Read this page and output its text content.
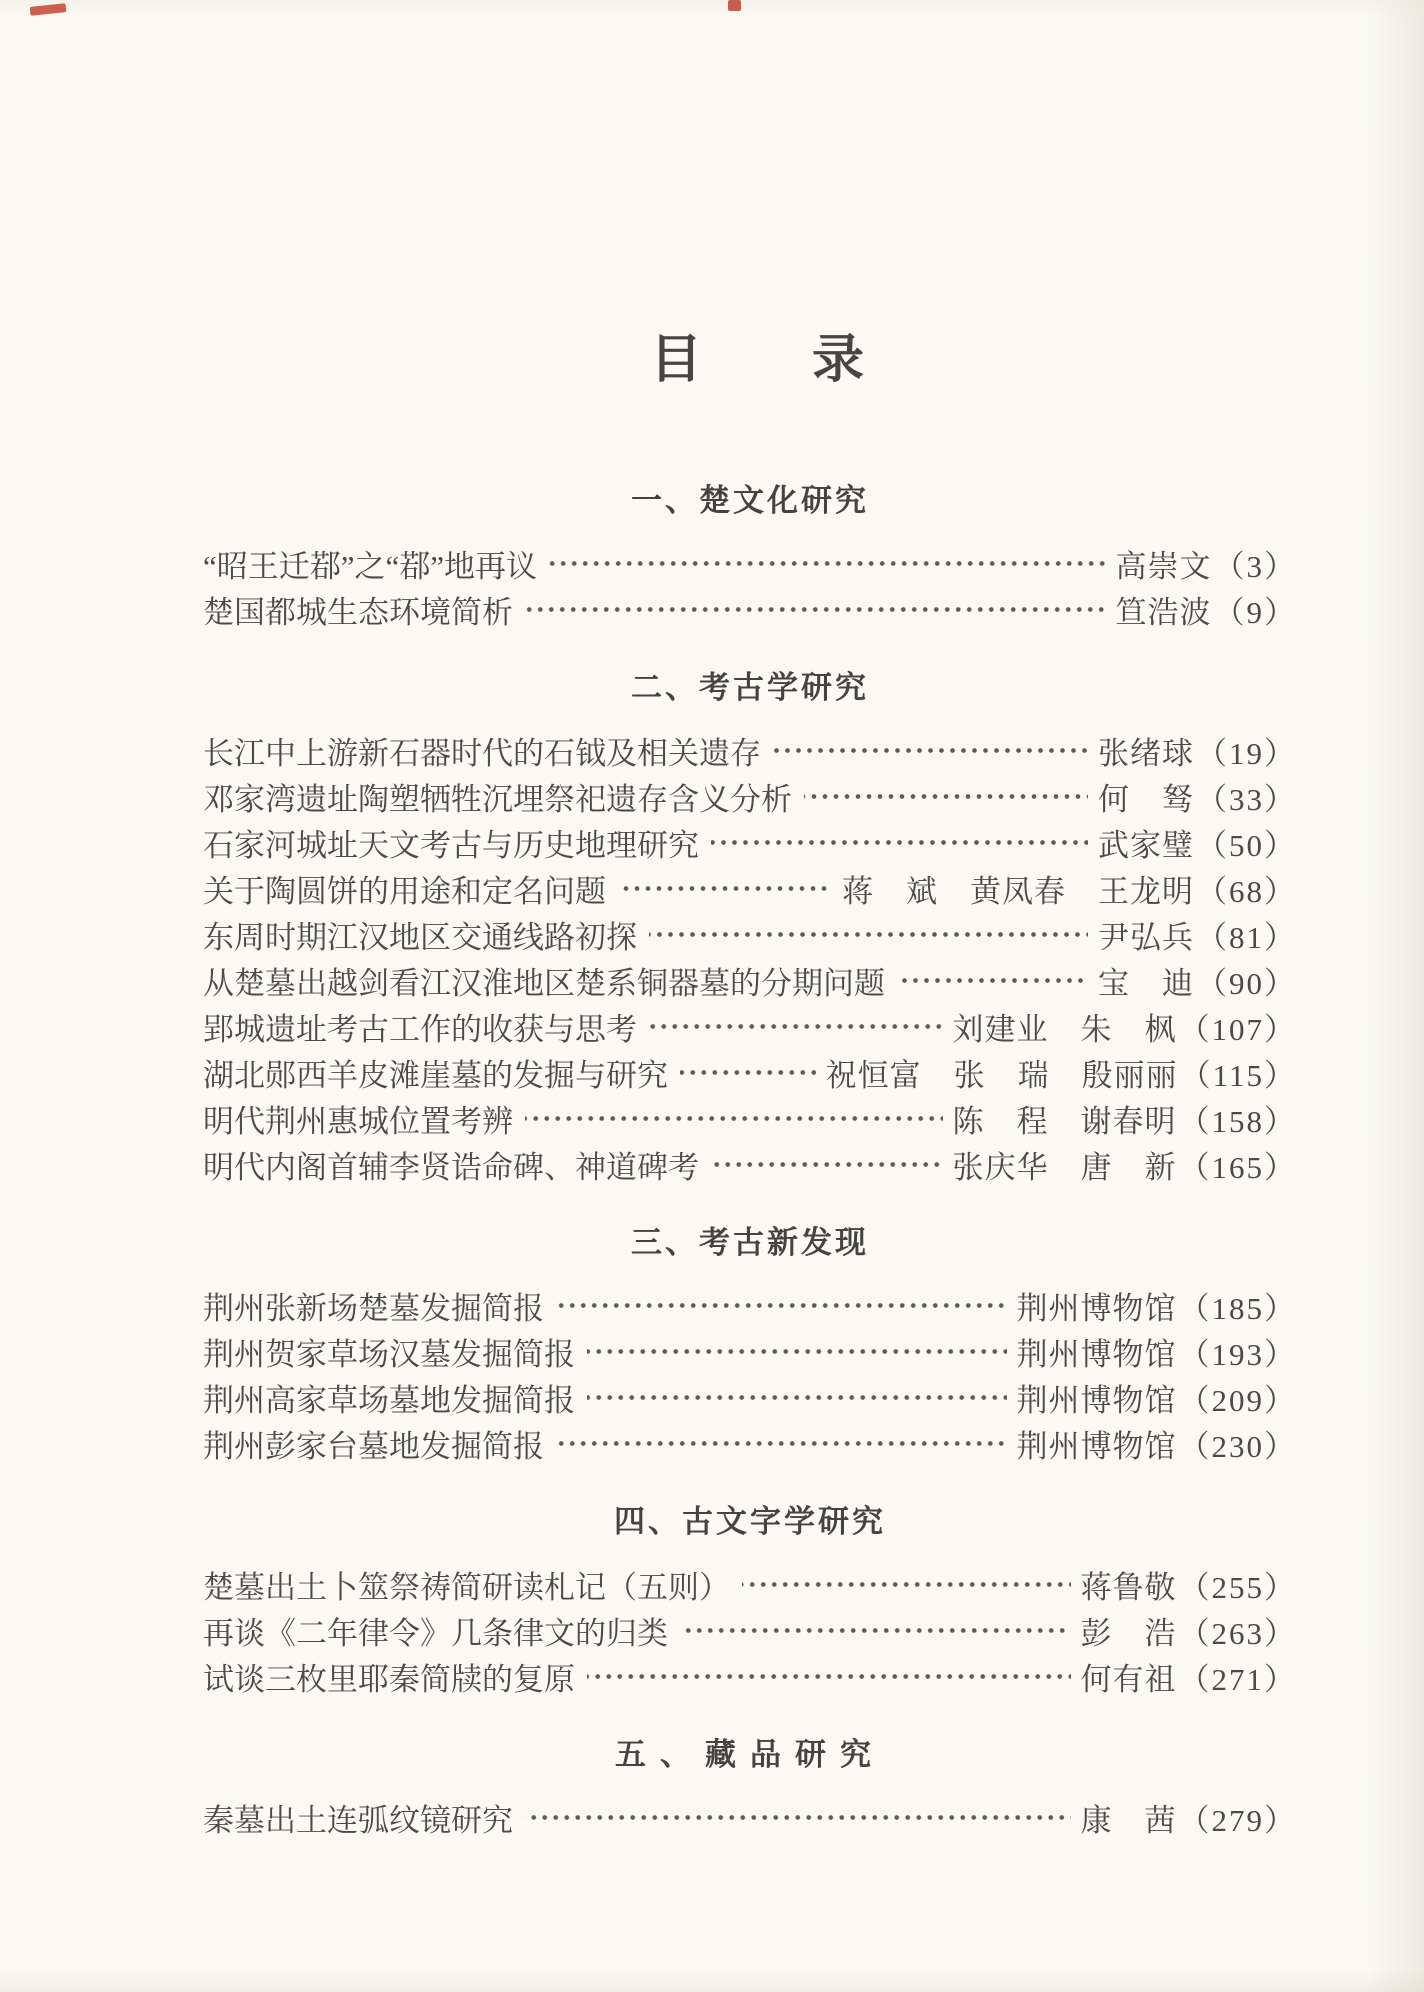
目　　录
一、楚文化研究
“昭王迁鄀”之“鄀”地再议	高崇文（3）
楚国都城生态环境简析	笪浩波（9）
二、考古学研究
长江中上游新石器时代的石钺及相关遗存	张绪球（19）
邓家湾遗址陶塑牺牲沉埋祭祀遗存含义分析	何　驽（33）
石家河城址天文考古与历史地理研究	武家璧（50）
关于陶圆饼的用途和定名问题	蒋　斌　黄凤春　王龙明（68）
东周时期江汉地区交通线路初探	尹弘兵（81）
从楚墓出越剑看江汉淮地区楚系铜器墓的分期问题	宝　迪（90）
郢城遗址考古工作的收获与思考	刘建业　朱　枫（107）
湖北郧西羊皮滩崖墓的发掘与研究	祝恒富　张　瑞　殷丽丽（115）
明代荆州惠城位置考辨	陈　程　谢春明（158）
明代内阁首辅李贤诰命碑、神道碑考	张庆华　唐　新（165）
三、考古新发现
荆州张新场楚墓发掘简报	荆州博物馆（185）
荆州贺家草场汉墓发掘简报	荆州博物馆（193）
荆州高家草场墓地发掘简报	荆州博物馆（209）
荆州彭家台墓地发掘简报	荆州博物馆（230）
四、古文字学研究
楚墓出土卜筮祭祷简研读札记（五则）	蒋鲁敬（255）
再谈《二年律令》几条律文的归类	彭　浩（263）
试谈三枚里耶秦简牍的复原	何有祖（271）
五、藏品研究
秦墓出土连弧纹镜研究	康　茜（279）
